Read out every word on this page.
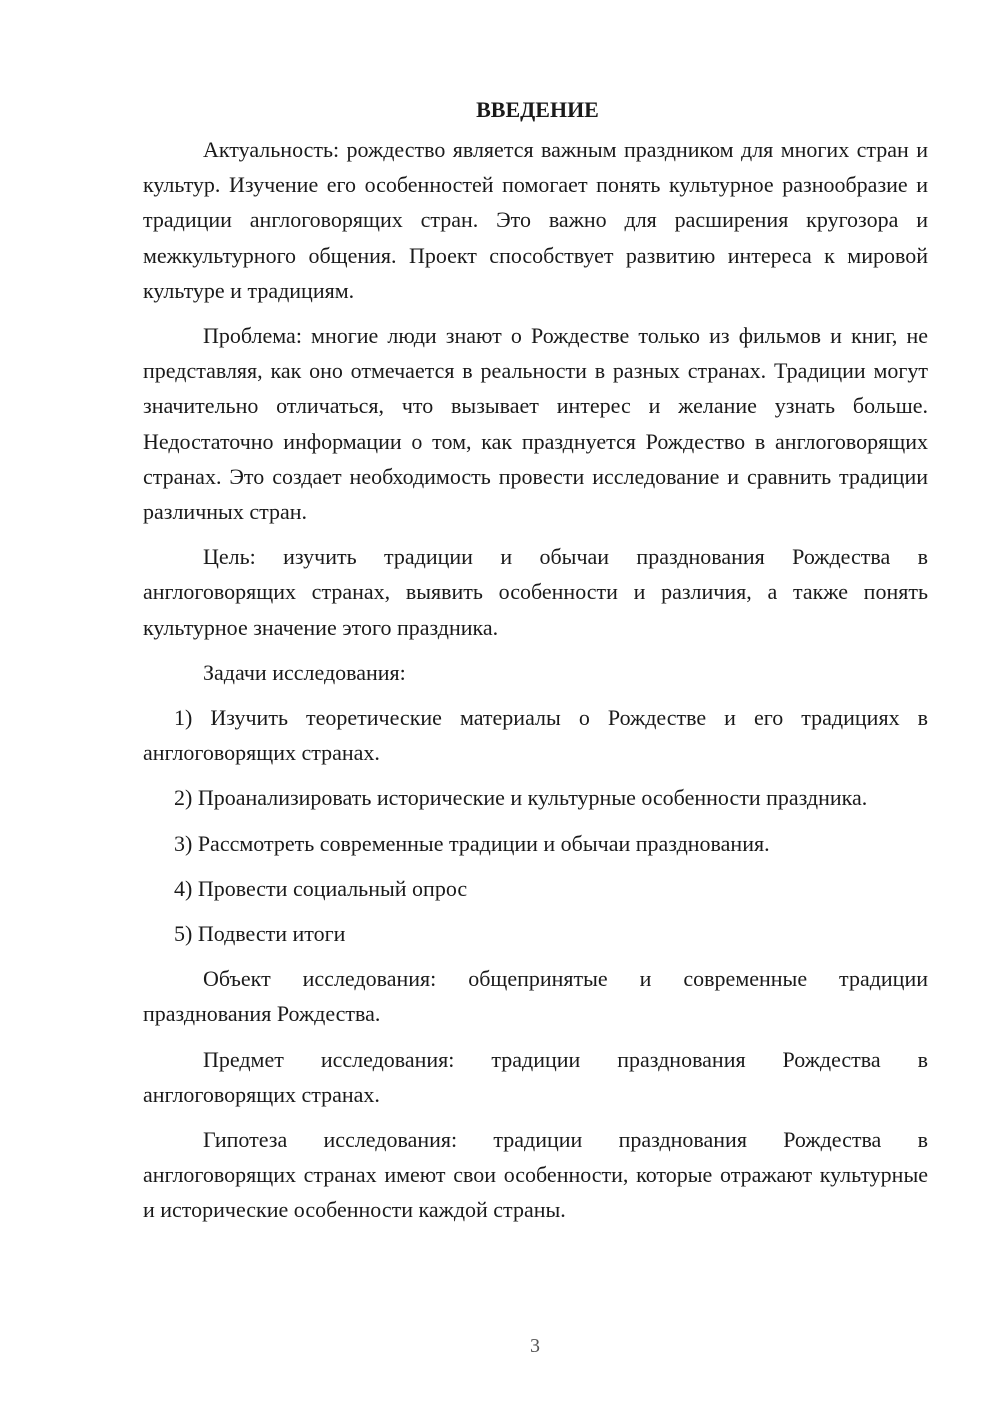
ВВЕДЕНИЕ

Актуальность: рождество является важным праздником для многих стран и культур. Изучение его особенностей помогает понять культурное разнообразие и традиции англоговорящих стран. Это важно для расширения кругозора и межкультурного общения. Проект способствует развитию интереса к мировой культуре и традициям.

Проблема: многие люди знают о Рождестве только из фильмов и книг, не представляя, как оно отмечается в реальности в разных странах. Традиции могут значительно отличаться, что вызывает интерес и желание узнать больше. Недостаточно информации о том, как празднуется Рождество в англоговорящих странах. Это создает необходимость провести исследование и сравнить традиции различных стран.

Цель: изучить традиции и обычаи празднования Рождества в англоговорящих странах, выявить особенности и различия, а также понять культурное значение этого праздника.

Задачи исследования:

1) Изучить теоретические материалы о Рождестве и его традициях в англоговорящих странах.

2) Проанализировать исторические и культурные особенности праздника.

3) Рассмотреть современные традиции и обычаи празднования.

4) Провести социальный опрос

5) Подвести итоги

Объект исследования: общепринятые и современные традиции празднования Рождества.

Предмет исследования: традиции празднования Рождества в англоговорящих странах.

Гипотеза исследования: традиции празднования Рождества в англоговорящих странах имеют свои особенности, которые отражают культурные и исторические особенности каждой страны.

3
